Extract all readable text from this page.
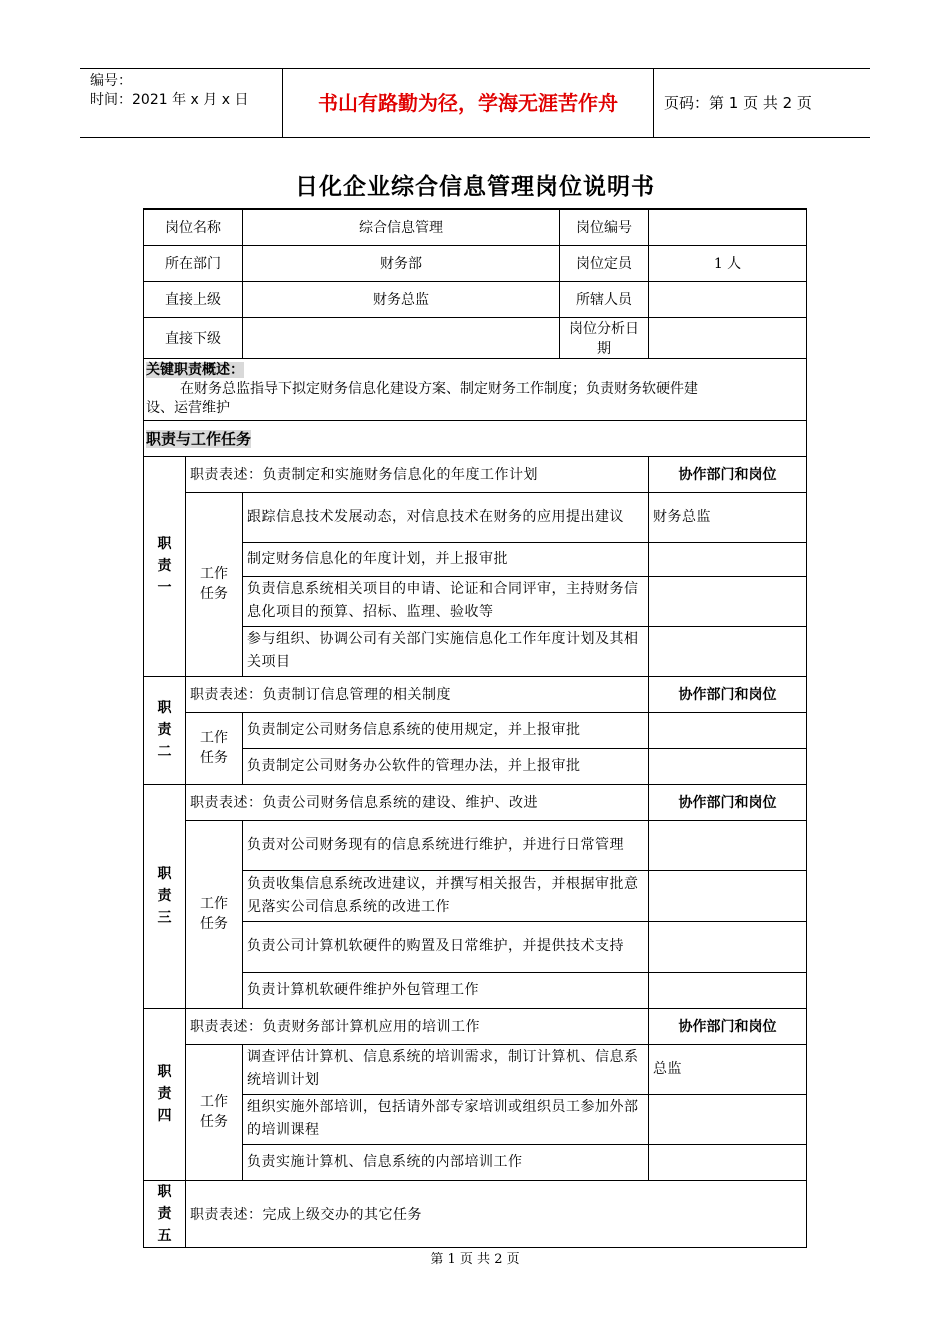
编号：
时间：2021 年 x 月 x 日	书山有路勤为径，学海无涯苦作舟	页码：第 1 页 共 2 页
日化企业综合信息管理岗位说明书
岗位名称		综合信息管理	岗位编号	
所在部门		财务部	岗位定员	1 人
直接上级		财务总监	所辖人员	
直接下级			岗位分析日期	
关键职责概述：
在财务总监指导下拟定财务信息化建设方案、制定财务工作制度；负责财务软硬件建
设、运营维护				
职责与工作任务				
职
责
一	职责表述：负责制定和实施财务信息化的年度工作计划			协作部门和岗位
	工作
任务	跟踪信息技术发展动态，对信息技术在财务的应用提出建议		财务总监
		制定财务信息化的年度计划，并上报审批		
		负责信息系统相关项目的申请、论证和合同评审，主持财务信息化项目的预算、招标、监理、验收等		
		参与组织、协调公司有关部门实施信息化工作年度计划及其相关项目		
职
责
二	职责表述：负责制订信息管理的相关制度			协作部门和岗位
	工作
任务	负责制定公司财务信息系统的使用规定，并上报审批		
		负责制定公司财务办公软件的管理办法，并上报审批		
职
责
三	职责表述：负责公司财务信息系统的建设、维护、改进			协作部门和岗位
	工作
任务	负责对公司财务现有的信息系统进行维护，并进行日常管理		
		负责收集信息系统改进建议，并撰写相关报告，并根据审批意见落实公司信息系统的改进工作		
		负责公司计算机软硬件的购置及日常维护，并提供技术支持		
		负责计算机软硬件维护外包管理工作		
职
责
四	职责表述：负责财务部计算机应用的培训工作			协作部门和岗位
	工作
任务	调查评估计算机、信息系统的培训需求，制订计算机、信息系统培训计划		总监
		组织实施外部培训，包括请外部专家培训或组织员工参加外部的培训课程		
		负责实施计算机、信息系统的内部培训工作		
职
责
五	职责表述：完成上级交办的其它任务			
第 1 页 共 2 页
